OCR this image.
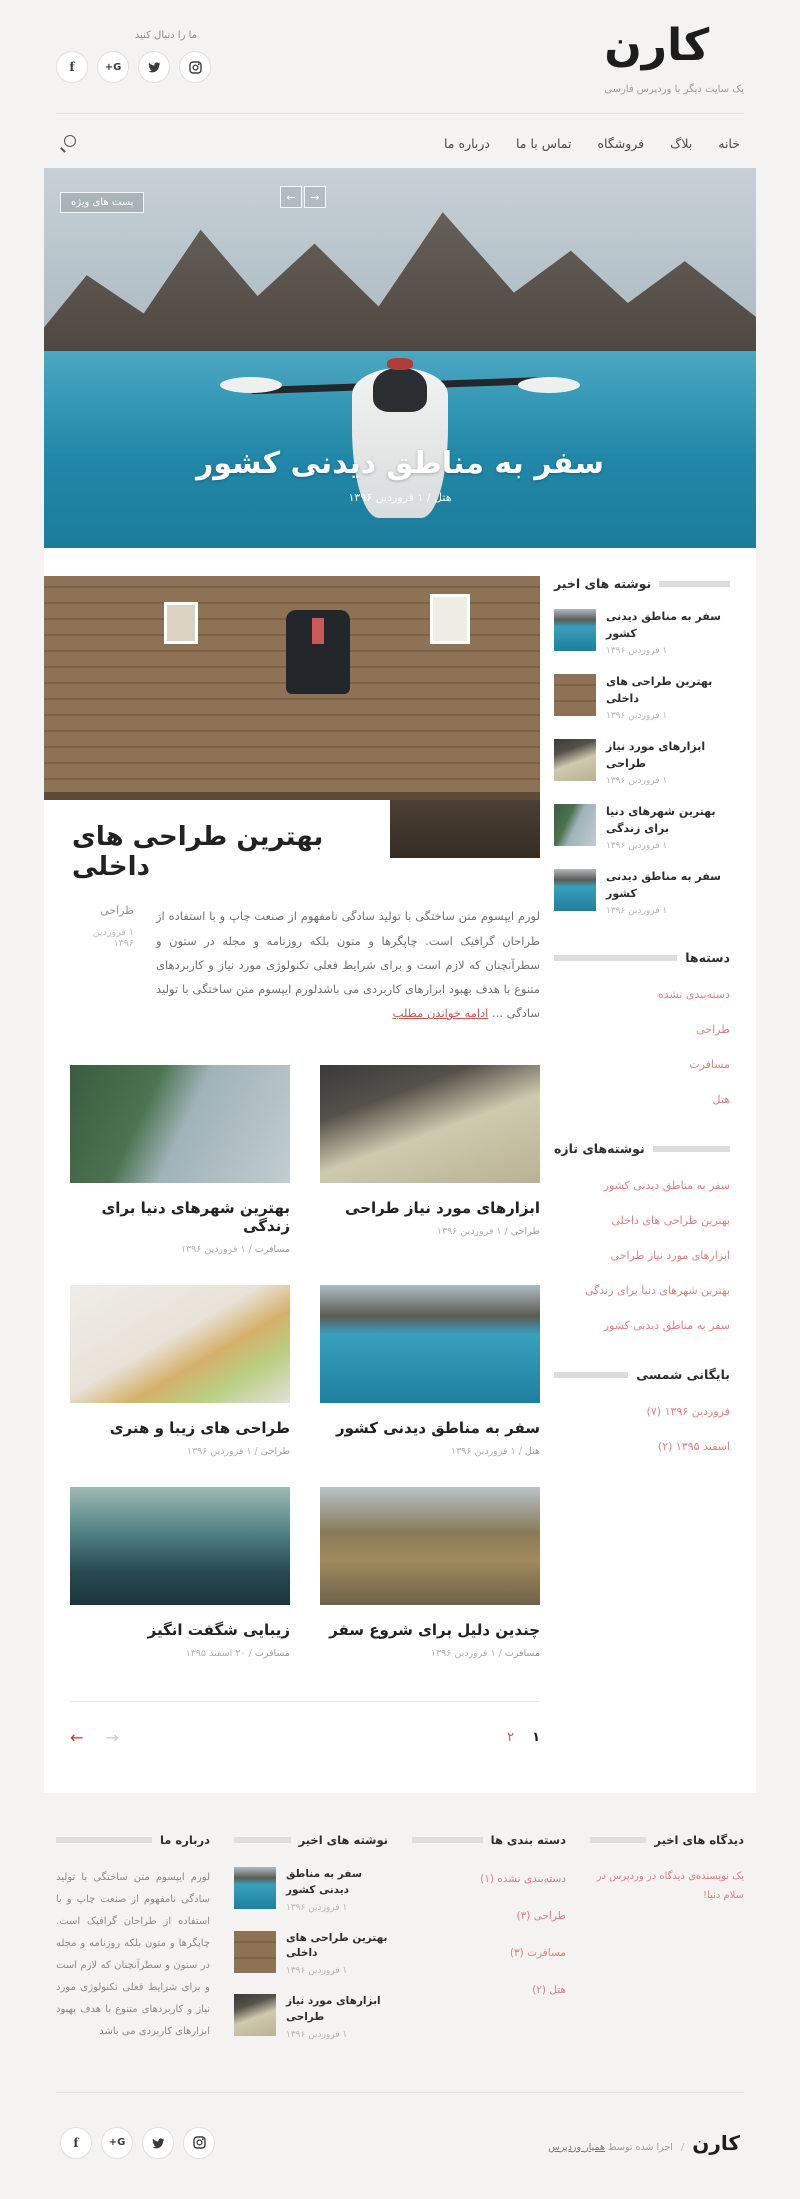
کارن
یک سایت دیگر با وردپرس فارسی

ما را دنبال کنید

G+
f
خانه
بلاگ
فروشگاه
تماس با ما
درباره ما
پست های ویژه	→
←
سفر به مناطق دیدنی کشور
هتل / ۱ فروردین ۱۳۹۶
نوشته های اخیر
سفر به مناطق دیدنی کشور
۱ فروردین ۱۳۹۶
بهترین طراحی های داخلی
۱ فروردین ۱۳۹۶
ابزارهای مورد نیاز طراحی
۱ فروردین ۱۳۹۶
بهترین شهرهای دنیا برای زندگی
۱ فروردین ۱۳۹۶
سفر به مناطق دیدنی کشور
۱ فروردین ۱۳۹۶
دسته‌ها
دسته‌بندی نشده
طراحی
مسافرت
هتل
نوشته‌های تازه
سفر به مناطق دیدنی کشور
بهترین طراحی های داخلی
ابزارهای مورد نیاز طراحی
بهترین شهرهای دنیا برای زندگی
سفر به مناطق دیدنی کشور
بایگانی شمسی
فروردین ۱۳۹۶ (۷)
اسفند ۱۳۹۵ (۲)
بهترین طراحی های داخلی

لورم ایپسوم متن ساختگی با تولید سادگی نامفهوم از صنعت چاپ و با استفاده از طراحان گرافیک است. چاپگرها و متون بلکه روزنامه و مجله در ستون و سطرآنچنان که لازم است و برای شرایط فعلی تکنولوژی مورد نیاز و کاربردهای متنوع با هدف بهبود ابزارهای کاربردی می باشدلورم ایپسوم متن ساختگی با تولید سادگی ... ادامه خواندن مطلب

طراحی
۱ فروردین ۱۳۹۶
ابزارهای مورد نیاز طراحی
طراحی / ۱ فروردین ۱۳۹۶
بهترین شهرهای دنیا برای زندگی
مسافرت / ۱ فروردین ۱۳۹۶
سفر به مناطق دیدنی کشور
هتل / ۱ فروردین ۱۳۹۶
طراحی های زیبا و هنری
طراحی / ۱ فروردین ۱۳۹۶
چندین دلیل برای شروع سفر
مسافرت / ۱ فروردین ۱۳۹۶
زیبایی شگفت انگیز
مسافرت / ۲۰ اسفند ۱۳۹۵
۱
۲
→
←
دیدگاه های اخیر
یک نویسنده‌ی دیدگاه در وردپرس در سلام دنیا!
دسته بندی ها
دسته‌بندی نشده (۱)
طراحی (۳)
مسافرت (۳)
هتل (۲)
نوشته های اخیر
سفر به مناطق دیدنی کشور
۱ فروردین ۱۳۹۶
بهترین طراحی های داخلی
۱ فروردین ۱۳۹۶
ابزارهای مورد نیاز طراحی
۱ فروردین ۱۳۹۶
درباره ما

لورم ایپسوم متن ساختگی با تولید سادگی نامفهوم از صنعت چاپ و با استفاده از طراحان گرافیک است. چاپگرها و متون بلکه روزنامه و مجله در ستون و سطرآنچنان که لازم است و برای شرایط فعلی تکنولوژی مورد نیاز و کاربردهای متنوع با هدف بهبود ابزارهای کاربردی می باشد

کارن
/
اجرا شده توسط همیار وردپرس
G+
f
